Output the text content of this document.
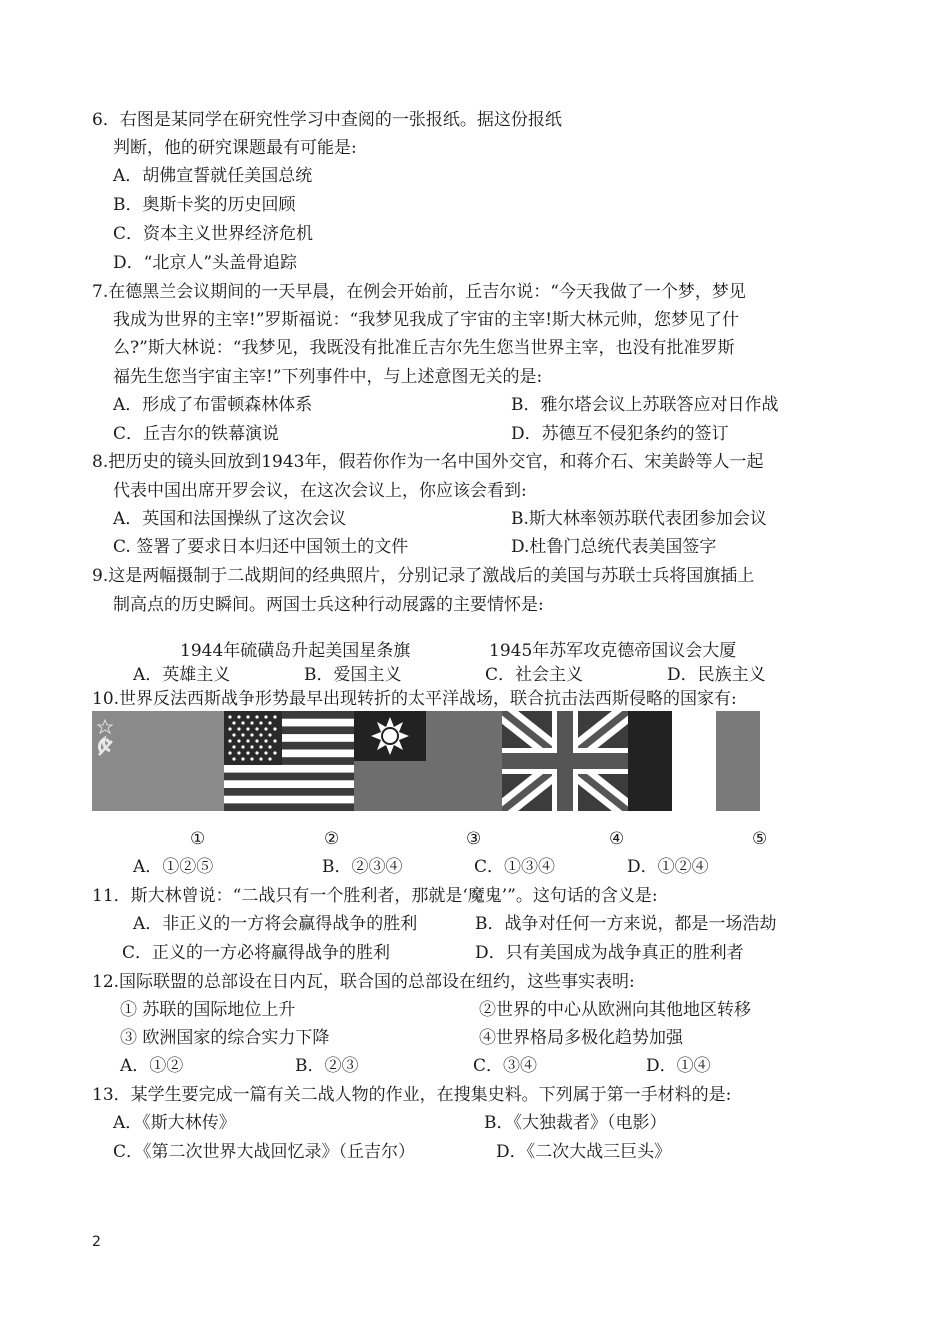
6．右图是某同学在研究性学习中查阅的一张报纸。据这份报纸
判断，他的研究课题最有可能是:
A．胡佛宣誓就任美国总统
B．奥斯卡奖的历史回顾
C．资本主义世界经济危机
D．“北京人”头盖骨追踪
7.在德黑兰会议期间的一天早晨，在例会开始前，丘吉尔说：“今天我做了一个梦，梦见
我成为世界的主宰!”罗斯福说：“我梦见我成了宇宙的主宰!斯大林元帅，您梦见了什
么?”斯大林说：“我梦见，我既没有批准丘吉尔先生您当世界主宰，也没有批准罗斯
福先生您当宇宙主宰!”下列事件中，与上述意图无关的是:
A．形成了布雷顿森林体系	B．雅尔塔会议上苏联答应对日作战
C．丘吉尔的铁幕演说	D．苏德互不侵犯条约的签订
8.把历史的镜头回放到1943年，假若你作为一名中国外交官，和蒋介石、宋美龄等人一起
代表中国出席开罗会议，在这次会议上，你应该会看到:
A．英国和法国操纵了这次会议	B.斯大林率领苏联代表团参加会议
C. 签署了要求日本归还中国领土的文件	D.杜鲁门总统代表美国签字
9.这是两幅摄制于二战期间的经典照片，分别记录了激战后的美国与苏联士兵将国旗插上
制高点的历史瞬间。两国士兵这种行动展露的主要情怀是:
1944年硫磺岛升起美国星条旗	1945年苏军攻克德帝国议会大厦
A．英雄主义	B．爱国主义	C．社会主义	D．民族主义
10.世界反法西斯战争形势最早出现转折的太平洋战场，联合抗击法西斯侵略的国家有:
①	②	③	④	⑤
A．①②⑤	B．②③④	C．①③④	D．①②④
11．斯大林曾说：“二战只有一个胜利者，那就是‘魔鬼’”。这句话的含义是:
A．非正义的一方将会赢得战争的胜利	B．战争对任何一方来说，都是一场浩劫
C．正义的一方必将赢得战争的胜利	D．只有美国成为战争真正的胜利者
12.国际联盟的总部设在日内瓦，联合国的总部设在纽约，这些事实表明:
① 苏联的国际地位上升	②世界的中心从欧洲向其他地区转移
③ 欧洲国家的综合实力下降	④世界格局多极化趋势加强
A．①②	B．②③	C．③④	D．①④
13．某学生要完成一篇有关二战人物的作业，在搜集史料。下列属于第一手材料的是:
A．《斯大林传》	B．《大独裁者》（电影）
C．《第二次世界大战回忆录》（丘吉尔）	D．《二次大战三巨头》
2
